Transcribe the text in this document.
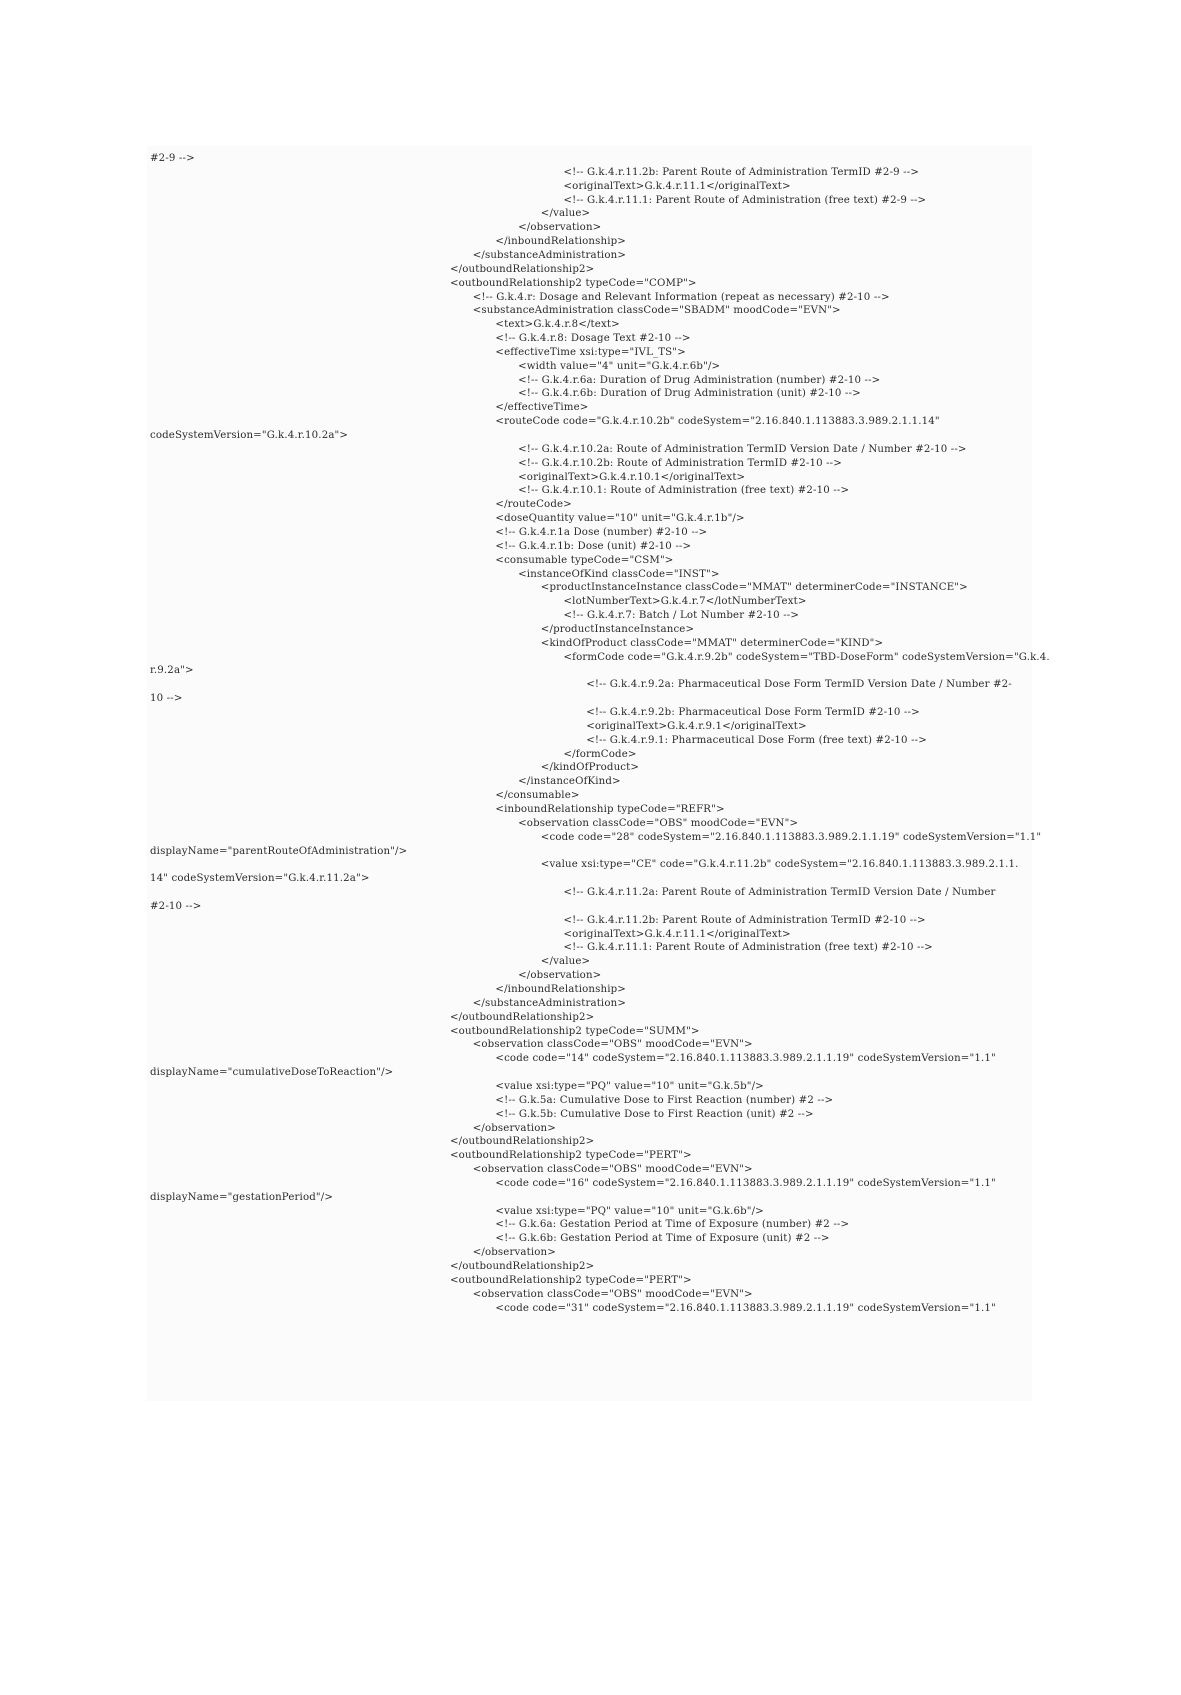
#2-9 -->
<!-- G.k.4.r.11.2b: Parent Route of Administration TermID #2-9 -->
<originalText>G.k.4.r.11.1</originalText>
<!-- G.k.4.r.11.1: Parent Route of Administration (free text) #2-9 -->
</value>
</observation>
</inboundRelationship>
</substanceAdministration>
</outboundRelationship2>
<outboundRelationship2 typeCode="COMP">
<!-- G.k.4.r: Dosage and Relevant Information (repeat as necessary) #2-10 -->
<substanceAdministration classCode="SBADM" moodCode="EVN">
<text>G.k.4.r.8</text>
<!-- G.k.4.r.8: Dosage Text #2-10 -->
<effectiveTime xsi:type="IVL_TS">
<width value="4" unit="G.k.4.r.6b"/>
<!-- G.k.4.r.6a: Duration of Drug Administration (number) #2-10 -->
<!-- G.k.4.r.6b: Duration of Drug Administration (unit) #2-10 -->
</effectiveTime>
<routeCode code="G.k.4.r.10.2b" codeSystem="2.16.840.1.113883.3.989.2.1.1.14"
codeSystemVersion="G.k.4.r.10.2a">
<!-- G.k.4.r.10.2a: Route of Administration TermID Version Date / Number #2-10 -->
<!-- G.k.4.r.10.2b: Route of Administration TermID #2-10 -->
<originalText>G.k.4.r.10.1</originalText>
<!-- G.k.4.r.10.1: Route of Administration (free text) #2-10 -->
</routeCode>
<doseQuantity value="10" unit="G.k.4.r.1b"/>
<!-- G.k.4.r.1a Dose (number) #2-10 -->
<!-- G.k.4.r.1b: Dose (unit) #2-10 -->
<consumable typeCode="CSM">
<instanceOfKind classCode="INST">
<productInstanceInstance classCode="MMAT" determinerCode="INSTANCE">
<lotNumberText>G.k.4.r.7</lotNumberText>
<!-- G.k.4.r.7: Batch / Lot Number #2-10 -->
</productInstanceInstance>
<kindOfProduct classCode="MMAT" determinerCode="KIND">
<formCode code="G.k.4.r.9.2b" codeSystem="TBD-DoseForm" codeSystemVersion="G.k.4.
r.9.2a">
<!-- G.k.4.r.9.2a: Pharmaceutical Dose Form TermID Version Date / Number #2-
10 -->
<!-- G.k.4.r.9.2b: Pharmaceutical Dose Form TermID #2-10 -->
<originalText>G.k.4.r.9.1</originalText>
<!-- G.k.4.r.9.1: Pharmaceutical Dose Form (free text) #2-10 -->
</formCode>
</kindOfProduct>
</instanceOfKind>
</consumable>
<inboundRelationship typeCode="REFR">
<observation classCode="OBS" moodCode="EVN">
<code code="28" codeSystem="2.16.840.1.113883.3.989.2.1.1.19" codeSystemVersion="1.1"
displayName="parentRouteOfAdministration"/>
<value xsi:type="CE" code="G.k.4.r.11.2b" codeSystem="2.16.840.1.113883.3.989.2.1.1.
14" codeSystemVersion="G.k.4.r.11.2a">
<!-- G.k.4.r.11.2a: Parent Route of Administration TermID Version Date / Number
#2-10 -->
<!-- G.k.4.r.11.2b: Parent Route of Administration TermID #2-10 -->
<originalText>G.k.4.r.11.1</originalText>
<!-- G.k.4.r.11.1: Parent Route of Administration (free text) #2-10 -->
</value>
</observation>
</inboundRelationship>
</substanceAdministration>
</outboundRelationship2>
<outboundRelationship2 typeCode="SUMM">
<observation classCode="OBS" moodCode="EVN">
<code code="14" codeSystem="2.16.840.1.113883.3.989.2.1.1.19" codeSystemVersion="1.1"
displayName="cumulativeDoseToReaction"/>
<value xsi:type="PQ" value="10" unit="G.k.5b"/>
<!-- G.k.5a: Cumulative Dose to First Reaction (number) #2 -->
<!-- G.k.5b: Cumulative Dose to First Reaction (unit) #2 -->
</observation>
</outboundRelationship2>
<outboundRelationship2 typeCode="PERT">
<observation classCode="OBS" moodCode="EVN">
<code code="16" codeSystem="2.16.840.1.113883.3.989.2.1.1.19" codeSystemVersion="1.1"
displayName="gestationPeriod"/>
<value xsi:type="PQ" value="10" unit="G.k.6b"/>
<!-- G.k.6a: Gestation Period at Time of Exposure (number) #2 -->
<!-- G.k.6b: Gestation Period at Time of Exposure (unit) #2 -->
</observation>
</outboundRelationship2>
<outboundRelationship2 typeCode="PERT">
<observation classCode="OBS" moodCode="EVN">
<code code="31" codeSystem="2.16.840.1.113883.3.989.2.1.1.19" codeSystemVersion="1.1"
